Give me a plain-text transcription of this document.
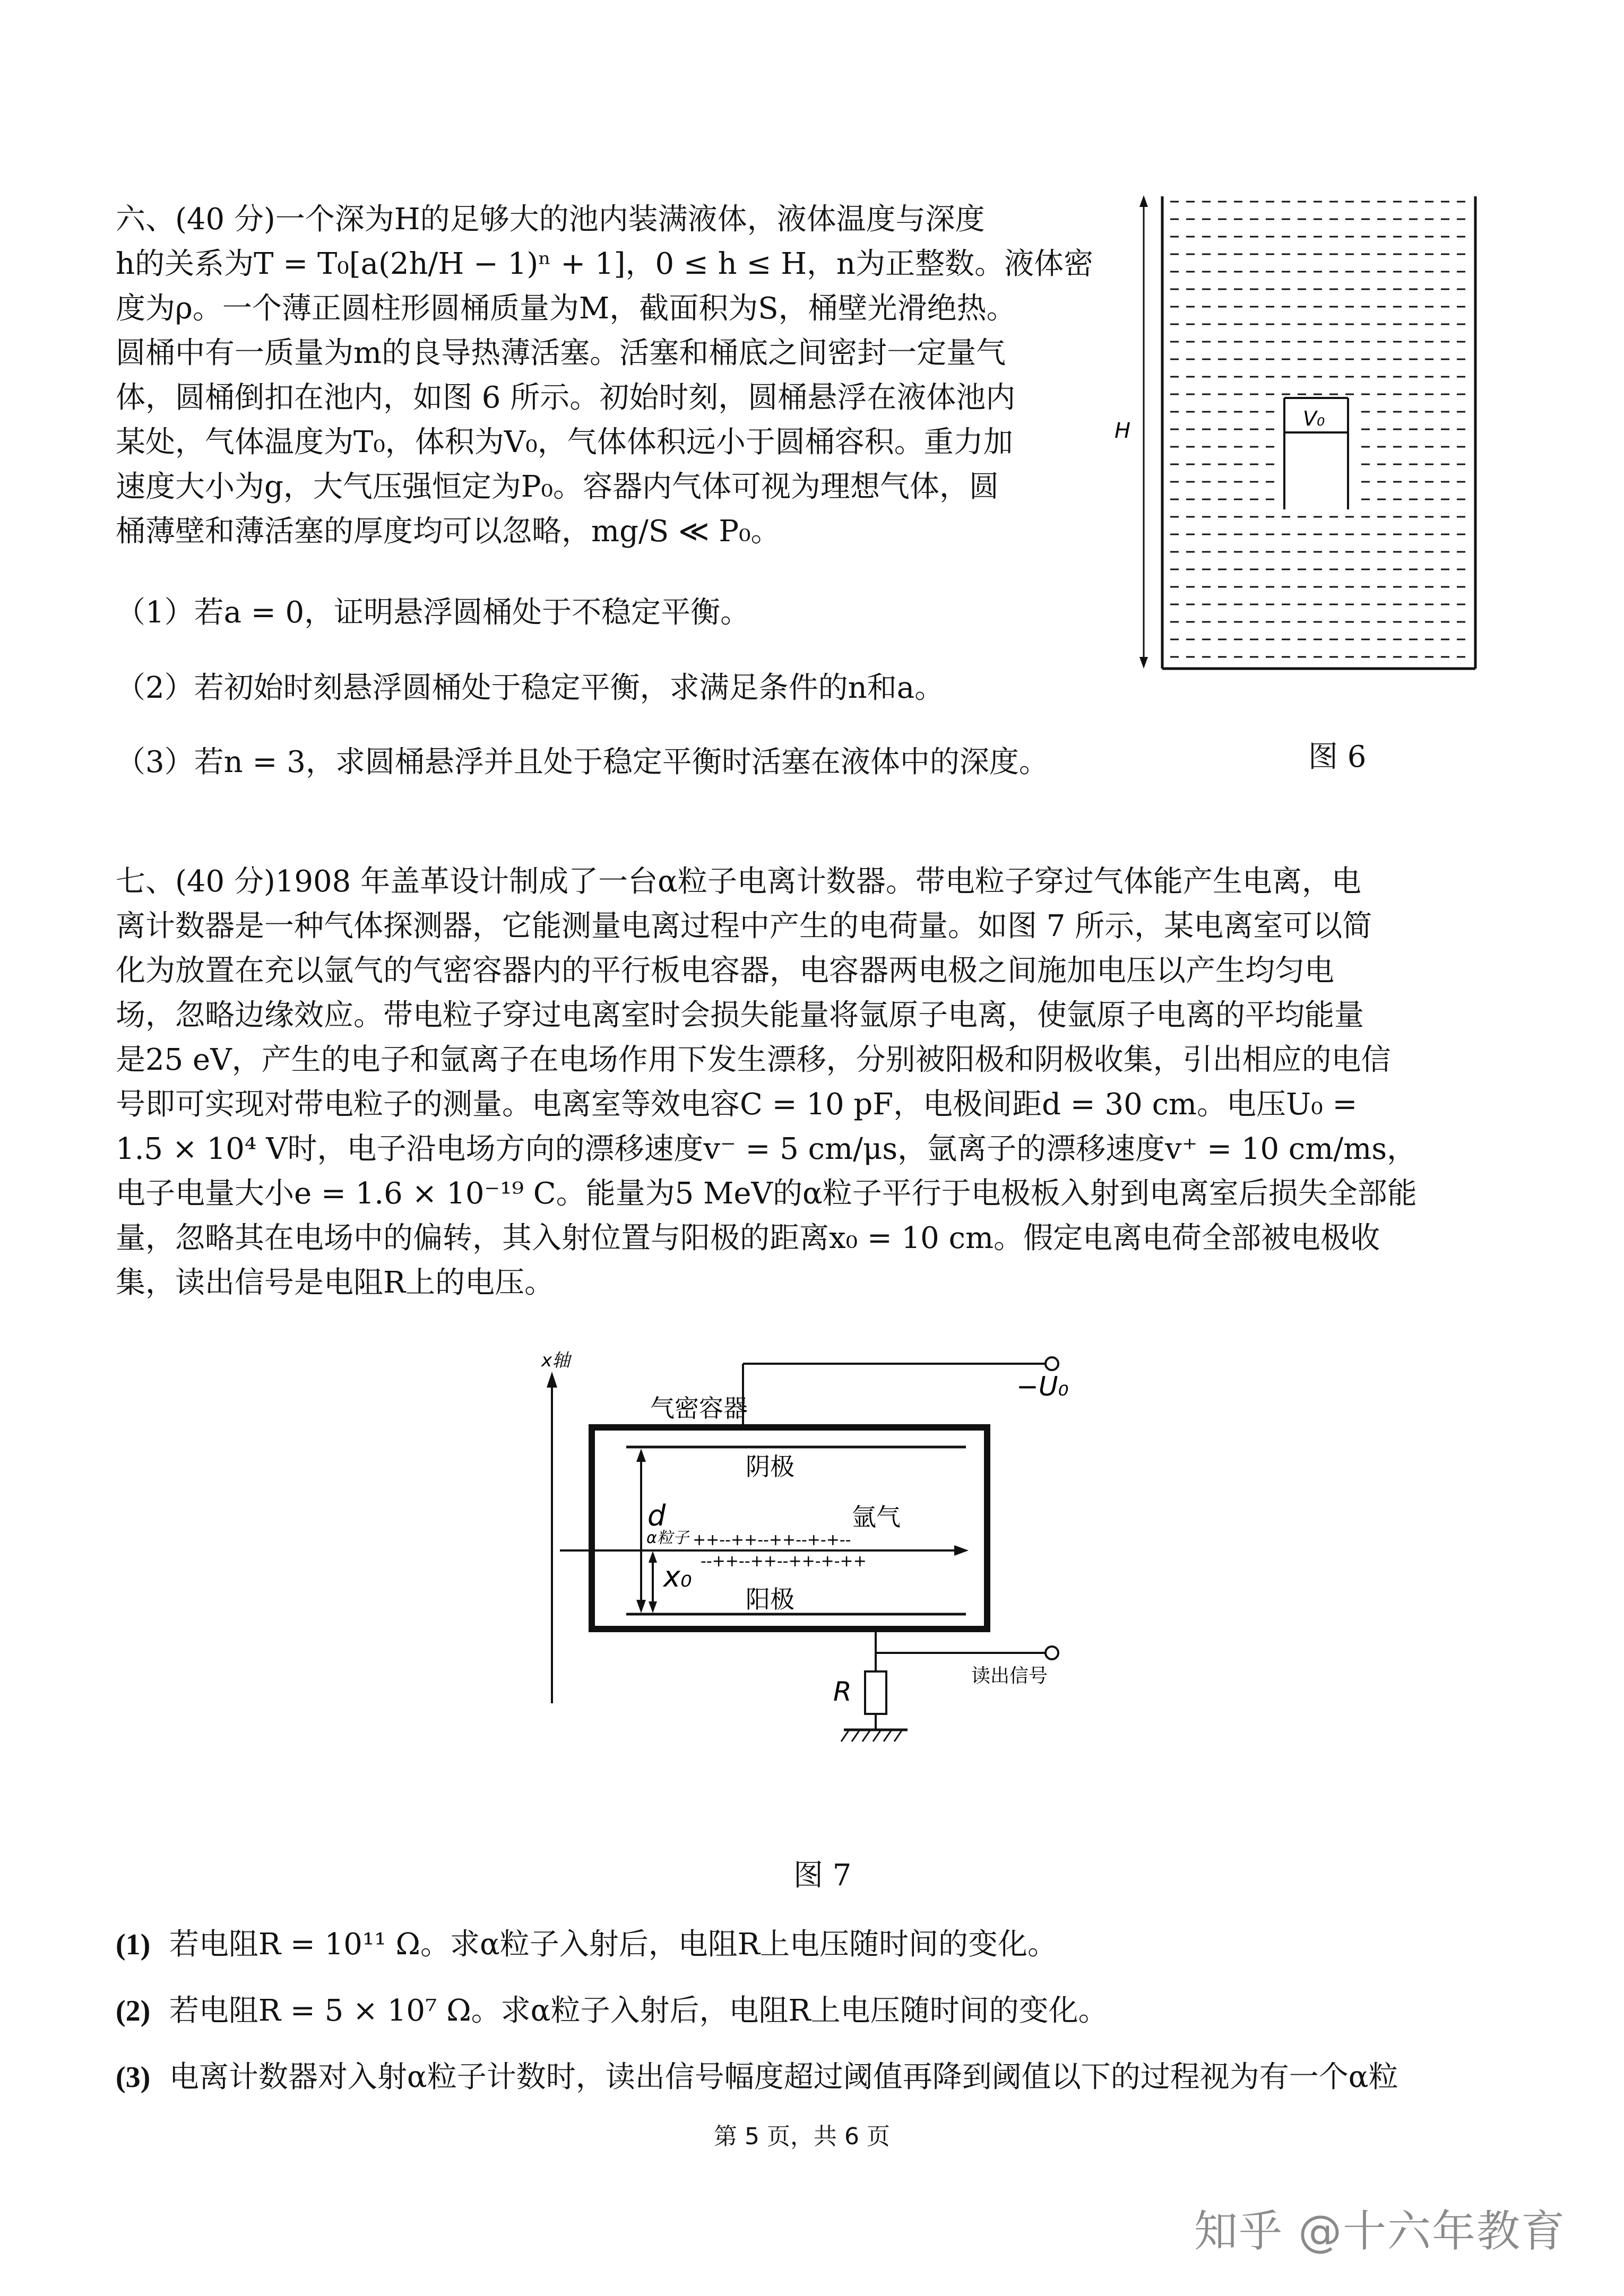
六、(40 分)一个深为H的足够大的池内装满液体，液体温度与深度
h的关系为T = T₀[a(2h/H − 1)ⁿ + 1]，0 ≤ h ≤ H，n为正整数。液体密
度为ρ。一个薄正圆柱形圆桶质量为M，截面积为S，桶壁光滑绝热。
圆桶中有一质量为m的良导热薄活塞。活塞和桶底之间密封一定量气
体，圆桶倒扣在池内，如图 6 所示。初始时刻，圆桶悬浮在液体池内
某处，气体温度为T₀，体积为V₀，气体体积远小于圆桶容积。重力加
速度大小为g，大气压强恒定为P₀。容器内气体可视为理想气体，圆
桶薄壁和薄活塞的厚度均可以忽略，mg/S ≪ P₀。
（1）若a = 0，证明悬浮圆桶处于不稳定平衡。
（2）若初始时刻悬浮圆桶处于稳定平衡，求满足条件的n和a。
（3）若n = 3，求圆桶悬浮并且处于稳定平衡时活塞在液体中的深度。
H	V₀
图 6
七、(40 分)1908 年盖革设计制成了一台α粒子电离计数器。带电粒子穿过气体能产生电离，电
离计数器是一种气体探测器，它能测量电离过程中产生的电荷量。如图 7 所示，某电离室可以简
化为放置在充以氩气的气密容器内的平行板电容器，电容器两电极之间施加电压以产生均匀电
场，忽略边缘效应。带电粒子穿过电离室时会损失能量将氩原子电离，使氩原子电离的平均能量
是25 eV，产生的电子和氩离子在电场作用下发生漂移，分别被阳极和阴极收集，引出相应的电信
号即可实现对带电粒子的测量。电离室等效电容C = 10 pF，电极间距d = 30 cm。电压U₀ =
1.5 × 10⁴ V时，电子沿电场方向的漂移速度v⁻ = 5 cm/μs，氩离子的漂移速度v⁺ = 10 cm/ms，
电子电量大小e = 1.6 × 10⁻¹⁹ C。能量为5 MeV的α粒子平行于电极板入射到电离室后损失全部能
量，忽略其在电场中的偏转，其入射位置与阳极的距离x₀ = 10 cm。假定电离电荷全部被电极收
集，读出信号是电阻R上的电压。
x轴
气密容器
阴极
阳极
氩气
−U₀
d
x₀
α粒子 ++--++--++--+-+--
--++--++--++-+-++
读出信号
R
图 7
(1) 若电阻R = 10¹¹ Ω。求α粒子入射后，电阻R上电压随时间的变化。
(2) 若电阻R = 5 × 10⁷ Ω。求α粒子入射后，电阻R上电压随时间的变化。
(3) 电离计数器对入射α粒子计数时，读出信号幅度超过阈值再降到阈值以下的过程视为有一个α粒
第 5 页，共 6 页
知乎 @十六年教育
